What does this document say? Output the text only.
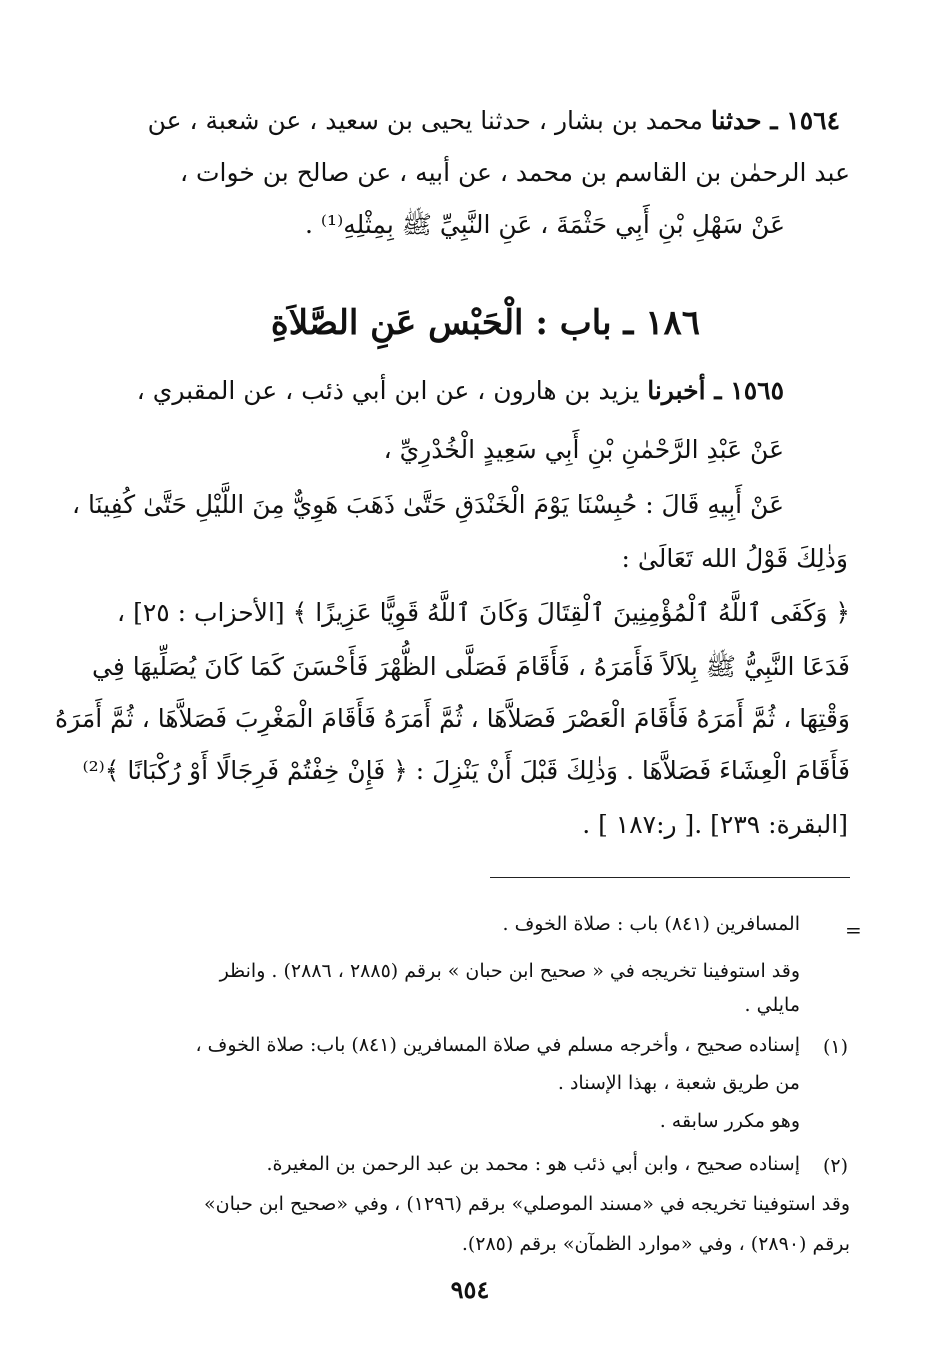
١٥٦٤ ـ حدثنا محمد بن بشار ، حدثنا يحيى بن سعيد ، عن شعبة ، عن
عبد الرحمٰن بن القاسم بن محمد ، عن أبيه ، عن صالح بن خوات ،
عَنْ سَهْلِ بْنِ أَبِي حَثْمَةَ ، عَنِ النَّبِيِّ ﷺ بِمِثْلِهِ⁽¹⁾ .
١٨٦ ـ باب : الْحَبْس عَنِ الصَّلاَةِ
١٥٦٥ ـ أخبرنا يزيد بن هارون ، عن ابن أبي ذئب ، عن المقبري ،
عَنْ عَبْدِ الرَّحْمٰنِ بْنِ أَبِي سَعِيدٍ الْخُدْرِيِّ ،
عَنْ أَبِيهِ قَالَ : حُبِسْنَا يَوْمَ الْخَنْدَقِ حَتَّىٰ ذَهَبَ هَوِيٌّ مِنَ اللَّيْلِ حَتَّىٰ كُفِينَا ،
وَذٰلِكَ قَوْلُ الله تَعَالَىٰ :
﴿ وَكَفَى ٱللَّهُ ٱلْمُؤْمِنِينَ ٱلْقِتَالَ وَكَانَ ٱللَّهُ قَوِيًّا عَزِيزًا ﴾ [الأحزاب : ٢٥] ،
فَدَعَا النَّبِيُّ ﷺ بِلاَلاً فَأَمَرَهُ ، فَأَقَامَ فَصَلَّى الظُّهْرَ فَأَحْسَنَ كَمَا كَانَ يُصَلِّيهَا فِي
وَقْتِهَا ، ثُمَّ أَمَرَهُ فَأَقَامَ الْعَصْرَ فَصَلاَّهَا ، ثُمَّ أَمَرَهُ فَأَقَامَ الْمَغْرِبَ فَصَلاَّهَا ، ثُمَّ أَمَرَهُ
فَأَقَامَ الْعِشَاءَ فَصَلاَّهَا . وَذٰلِكَ قَبْلَ أَنْ يَنْزِلَ : ﴿ فَإِنْ خِفْتُمْ فَرِجَالًا أَوْ رُكْبَانًا ﴾⁽²⁾
[البقرة: ٢٣٩] .[ ر:١٨٧ ] .
=
المسافرين (٨٤١) باب : صلاة الخوف .
وقد استوفينا تخريجه في « صحيح ابن حبان » برقم (٢٨٨٥ ، ٢٨٨٦) . وانظر
مايلي .
(١)
إسناده صحيح ، وأخرجه مسلم في صلاة المسافرين (٨٤١) باب: صلاة الخوف ،
من طريق شعبة ، بهذا الإسناد .
وهو مكرر سابقه .
(٢)
إسناده صحيح ، وابن أبي ذئب هو : محمد بن عبد الرحمن بن المغيرة.
وقد استوفينا تخريجه في «مسند الموصلي» برقم (١٢٩٦) ، وفي «صحيح ابن حبان»
برقم (٢٨٩٠) ، وفي «موارد الظمآن» برقم (٢٨٥).
٩٥٤
